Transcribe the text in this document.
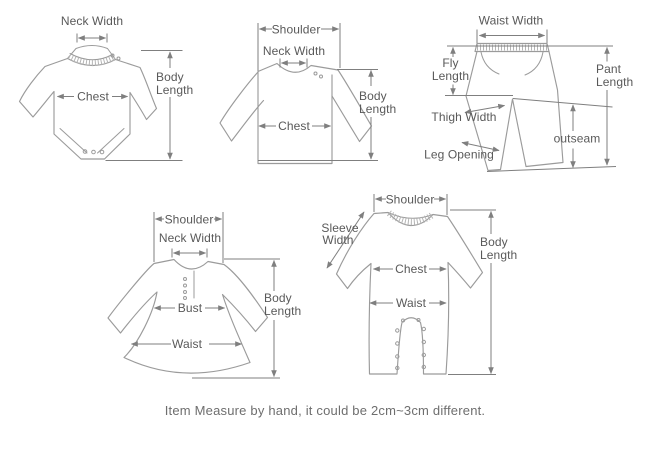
Neck Width
Chest
Body
Length
Shoulder
Neck Width
Chest
Body
Length
Waist Width
Fly
Length	Pant
Length
Thigh Width
outseam
Leg Opening
Shoulder
Neck Width
Bust
Waist
Body
Length
Shoulder
Sleeve
Width
Chest
Waist
Body
Length
Item Measure by hand, it could be 2cm~3cm different.
